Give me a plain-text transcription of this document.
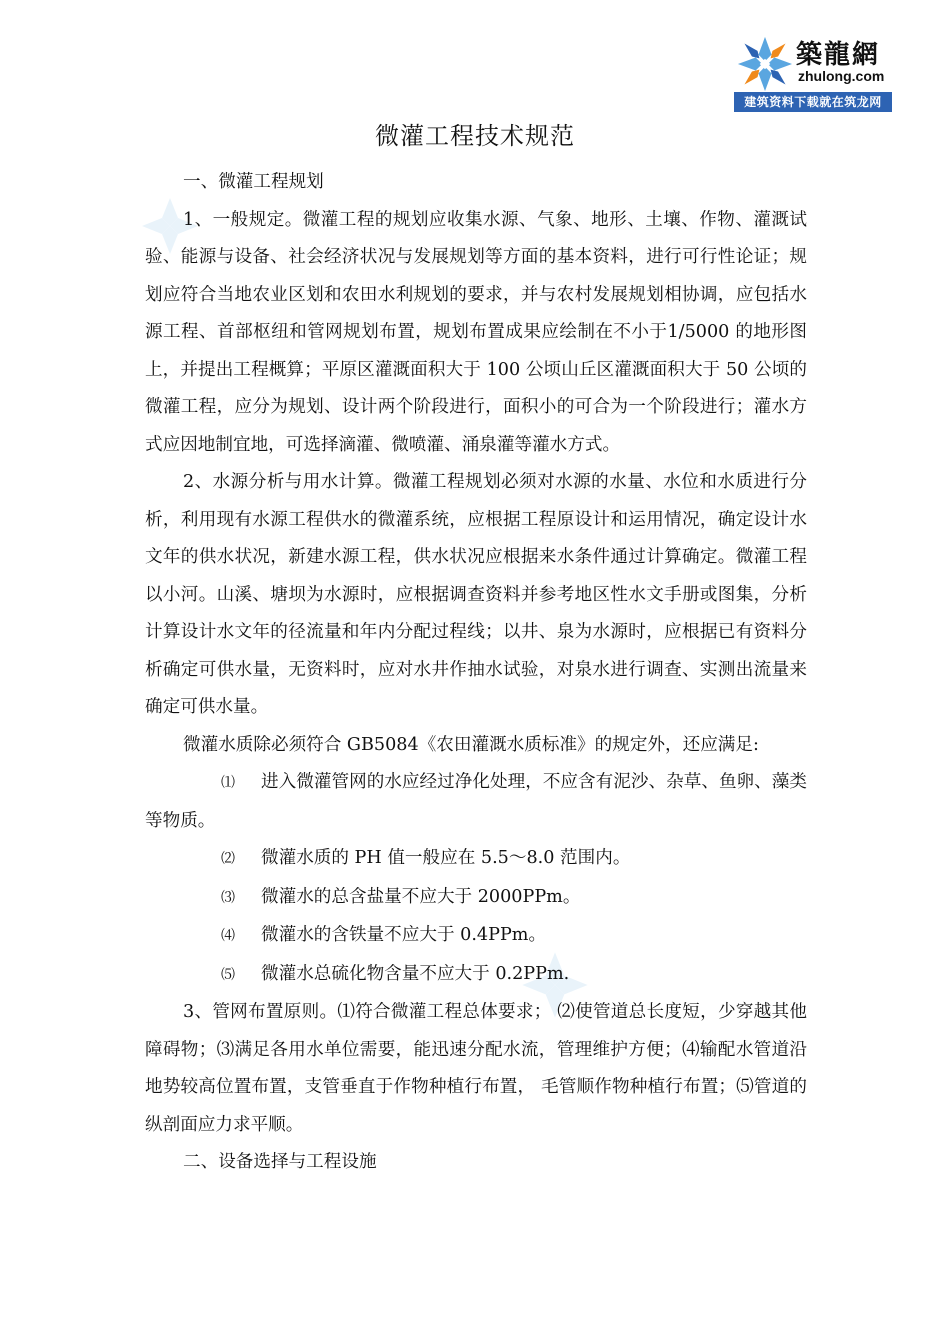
築龍網
zhulong.com
建筑资料下载就在筑龙网
微灌工程技术规范

一、微灌工程规划

1、一般规定。微灌工程的规划应收集水源、气象、地形、土壤、作物、灌溉试验、能源与设备、社会经济状况与发展规划等方面的基本资料，进行可行性论证；规划应符合当地农业区划和农田水利规划的要求，并与农村发展规划相协调，应包括水源工程、首部枢纽和管网规划布置，规划布置成果应绘制在不小于1/5000 的地形图上，并提出工程概算；平原区灌溉面积大于 100 公顷山丘区灌溉面积大于 50 公顷的微灌工程，应分为规划、设计两个阶段进行，面积小的可合为一个阶段进行；灌水方式应因地制宜地，可选择滴灌、微喷灌、涌泉灌等灌水方式。

2、水源分析与用水计算。微灌工程规划必须对水源的水量、水位和水质进行分析，利用现有水源工程供水的微灌系统，应根据工程原设计和运用情况，确定设计水文年的供水状况，新建水源工程，供水状况应根据来水条件通过计算确定。微灌工程以小河。山溪、塘坝为水源时，应根据调查资料并参考地区性水文手册或图集，分析计算设计水文年的径流量和年内分配过程线；以井、泉为水源时，应根据已有资料分析确定可供水量，无资料时，应对水井作抽水试验，对泉水进行调查、实测出流量来确定可供水量。

微灌水质除必须符合 GB5084《农田灌溉水质标准》的规定外，还应满足:

⑴ 进入微灌管网的水应经过净化处理，不应含有泥沙、杂草、鱼卵、藻类等物质。

⑵ 微灌水质的 PH 值一般应在 5.5～8.0 范围内。

⑶ 微灌水的总含盐量不应大于 2000PPm。

⑷ 微灌水的含铁量不应大于 0.4PPm。

⑸ 微灌水总硫化物含量不应大于 0.2PPm.

3、管网布置原则。⑴符合微灌工程总体要求； ⑵使管道总长度短，少穿越其他障碍物；⑶满足各用水单位需要，能迅速分配水流，管理维护方便；⑷输配水管道沿地势较高位置布置，支管垂直于作物种植行布置， 毛管顺作物种植行布置；⑸管道的纵剖面应力求平顺。

二、设备选择与工程设施
